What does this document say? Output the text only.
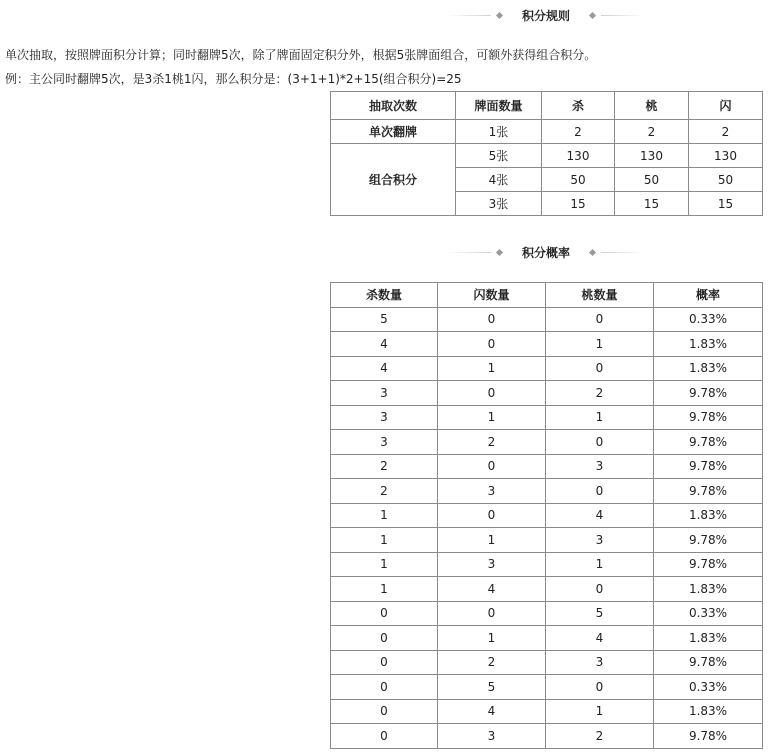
积分规则
单次抽取，按照牌面积分计算；同时翻牌5次，除了牌面固定积分外，根据5张牌面组合，可额外获得组合积分。
例：主公同时翻牌5次，是3杀1桃1闪，那么积分是：(3+1+1)*2+15(组合积分)=25
抽取次数	牌面数量	杀	桃	闪
单次翻牌	1张	2	2	2
组合积分	5张	130	130	130
	4张	50	50	50
	3张	15	15	15
积分概率
杀数量	闪数量	桃数量	概率
5	0	0	0.33%
4	0	1	1.83%
4	1	0	1.83%
3	0	2	9.78%
3	1	1	9.78%
3	2	0	9.78%
2	0	3	9.78%
2	3	0	9.78%
1	0	4	1.83%
1	1	3	9.78%
1	3	1	9.78%
1	4	0	1.83%
0	0	5	0.33%
0	1	4	1.83%
0	2	3	9.78%
0	5	0	0.33%
0	4	1	1.83%
0	3	2	9.78%
